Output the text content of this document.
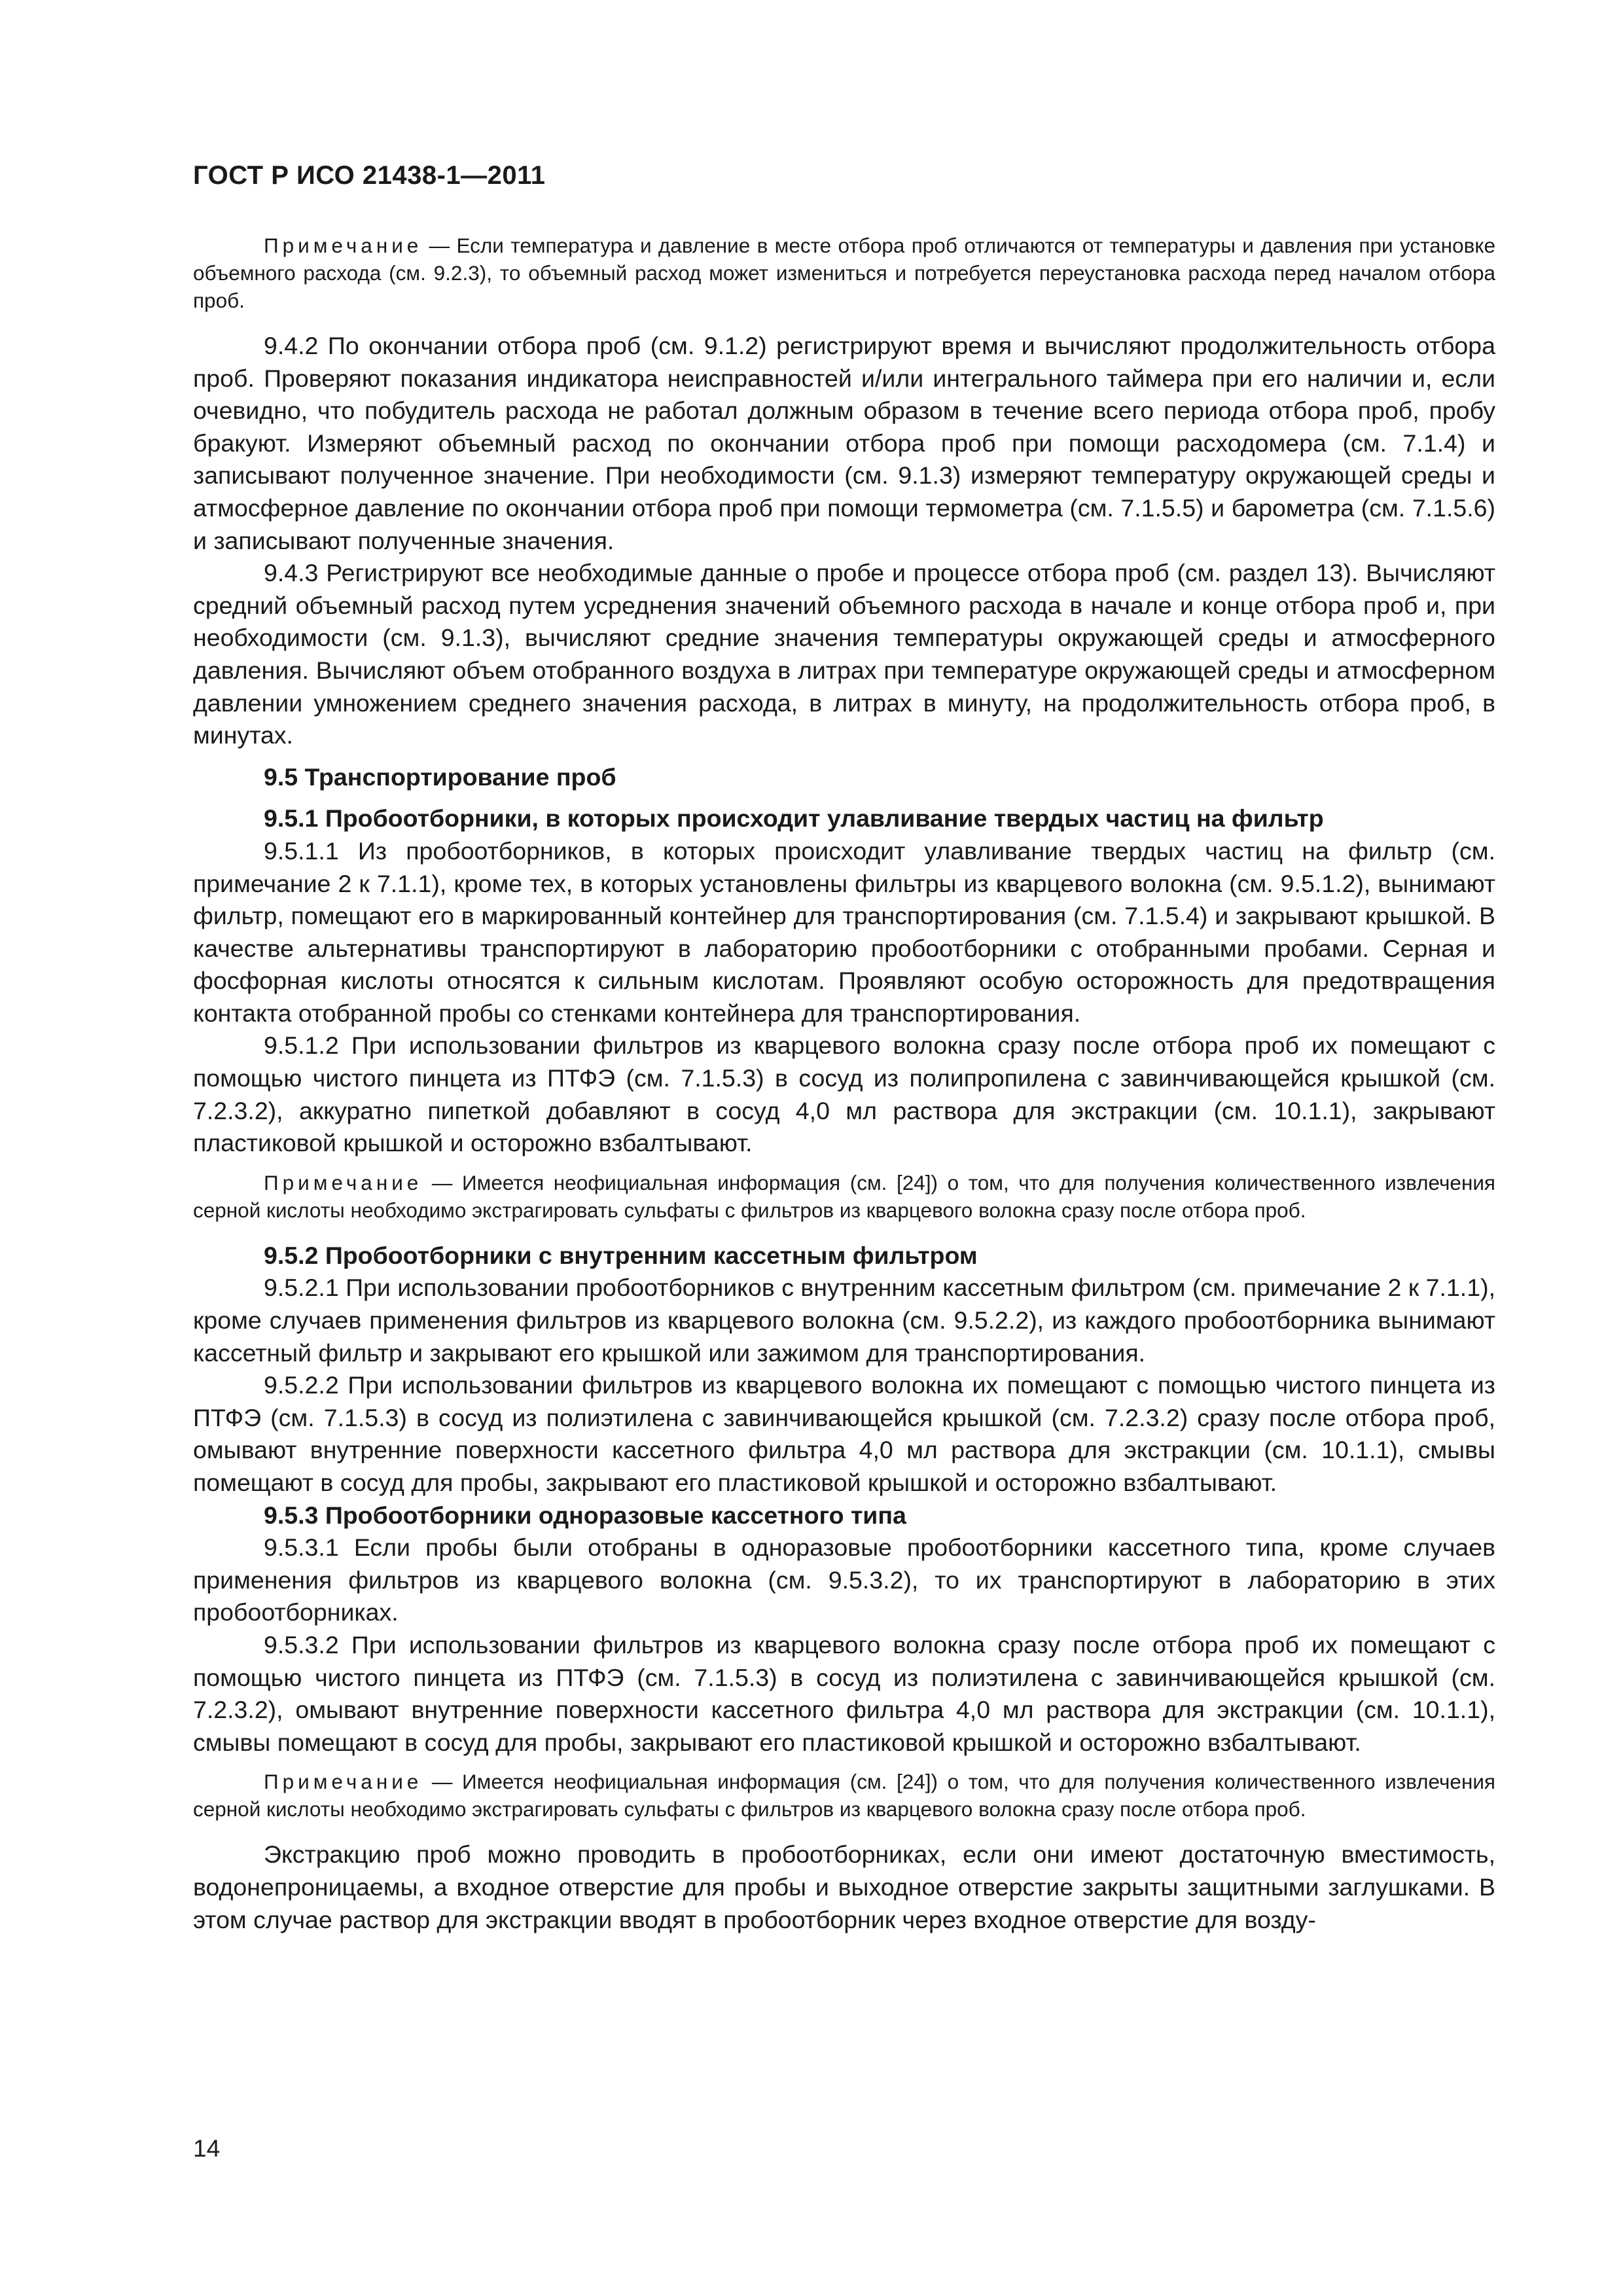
ГОСТ Р ИСО 21438-1—2011

Примечание — Если температура и давление в месте отбора проб отличаются от температуры и давления при установке объемного расхода (см. 9.2.3), то объемный расход может измениться и потребуется переустановка расхода перед началом отбора проб.

9.4.2 По окончании отбора проб (см. 9.1.2) регистрируют время и вычисляют продолжительность отбора проб. Проверяют показания индикатора неисправностей и/или интегрального таймера при его наличии и, если очевидно, что побудитель расхода не работал должным образом в течение всего периода отбора проб, пробу бракуют. Измеряют объемный расход по окончании отбора проб при помощи расходомера (см. 7.1.4) и записывают полученное значение. При необходимости (см. 9.1.3) измеряют температуру окружающей среды и атмосферное давление по окончании отбора проб при помощи термометра (см. 7.1.5.5) и барометра (см. 7.1.5.6) и записывают полученные значения.

9.4.3 Регистрируют все необходимые данные о пробе и процессе отбора проб (см. раздел 13). Вычисляют средний объемный расход путем усреднения значений объемного расхода в начале и конце отбора проб и, при необходимости (см. 9.1.3), вычисляют средние значения температуры окружающей среды и атмосферного давления. Вычисляют объем отобранного воздуха в литрах при температуре окружающей среды и атмосферном давлении умножением среднего значения расхода, в литрах в минуту, на продолжительность отбора проб, в минутах.

9.5 Транспортирование проб

9.5.1 Пробоотборники, в которых происходит улавливание твердых частиц на фильтр

9.5.1.1 Из пробоотборников, в которых происходит улавливание твердых частиц на фильтр (см. примечание 2 к 7.1.1), кроме тех, в которых установлены фильтры из кварцевого волокна (см. 9.5.1.2), вынимают фильтр, помещают его в маркированный контейнер для транспортирования (см. 7.1.5.4) и закрывают крышкой. В качестве альтернативы транспортируют в лабораторию пробоотборники с отобранными пробами. Серная и фосфорная кислоты относятся к сильным кислотам. Проявляют особую осторожность для предотвращения контакта отобранной пробы со стенками контейнера для транспортирования.

9.5.1.2 При использовании фильтров из кварцевого волокна сразу после отбора проб их помещают с помощью чистого пинцета из ПТФЭ (см. 7.1.5.3) в сосуд из полипропилена с завинчивающейся крышкой (см. 7.2.3.2), аккуратно пипеткой добавляют в сосуд 4,0 мл раствора для экстракции (см. 10.1.1), закрывают пластиковой крышкой и осторожно взбалтывают.

Примечание — Имеется неофициальная информация (см. [24]) о том, что для получения количественного извлечения серной кислоты необходимо экстрагировать сульфаты с фильтров из кварцевого волокна сразу после отбора проб.

9.5.2 Пробоотборники с внутренним кассетным фильтром

9.5.2.1 При использовании пробоотборников с внутренним кассетным фильтром (см. примечание 2 к 7.1.1), кроме случаев применения фильтров из кварцевого волокна (см. 9.5.2.2), из каждого пробоотборника вынимают кассетный фильтр и закрывают его крышкой или зажимом для транспортирования.

9.5.2.2 При использовании фильтров из кварцевого волокна их помещают с помощью чистого пинцета из ПТФЭ (см. 7.1.5.3) в сосуд из полиэтилена с завинчивающейся крышкой (см. 7.2.3.2) сразу после отбора проб, омывают внутренние поверхности кассетного фильтра 4,0 мл раствора для экстракции (см. 10.1.1), смывы помещают в сосуд для пробы, закрывают его пластиковой крышкой и осторожно взбалтывают.

9.5.3 Пробоотборники одноразовые кассетного типа

9.5.3.1 Если пробы были отобраны в одноразовые пробоотборники кассетного типа, кроме случаев применения фильтров из кварцевого волокна (см. 9.5.3.2), то их транспортируют в лабораторию в этих пробоотборниках.

9.5.3.2 При использовании фильтров из кварцевого волокна сразу после отбора проб их помещают с помощью чистого пинцета из ПТФЭ (см. 7.1.5.3) в сосуд из полиэтилена с завинчивающейся крышкой (см. 7.2.3.2), омывают внутренние поверхности кассетного фильтра 4,0 мл раствора для экстракции (см. 10.1.1), смывы помещают в сосуд для пробы, закрывают его пластиковой крышкой и осторожно взбалтывают.

Примечание — Имеется неофициальная информация (см. [24]) о том, что для получения количественного извлечения серной кислоты необходимо экстрагировать сульфаты с фильтров из кварцевого волокна сразу после отбора проб.

Экстракцию проб можно проводить в пробоотборниках, если они имеют достаточную вместимость, водонепроницаемы, а входное отверстие для пробы и выходное отверстие закрыты защитными заглушками. В этом случае раствор для экстракции вводят в пробоотборник через входное отверстие для возду-

14
